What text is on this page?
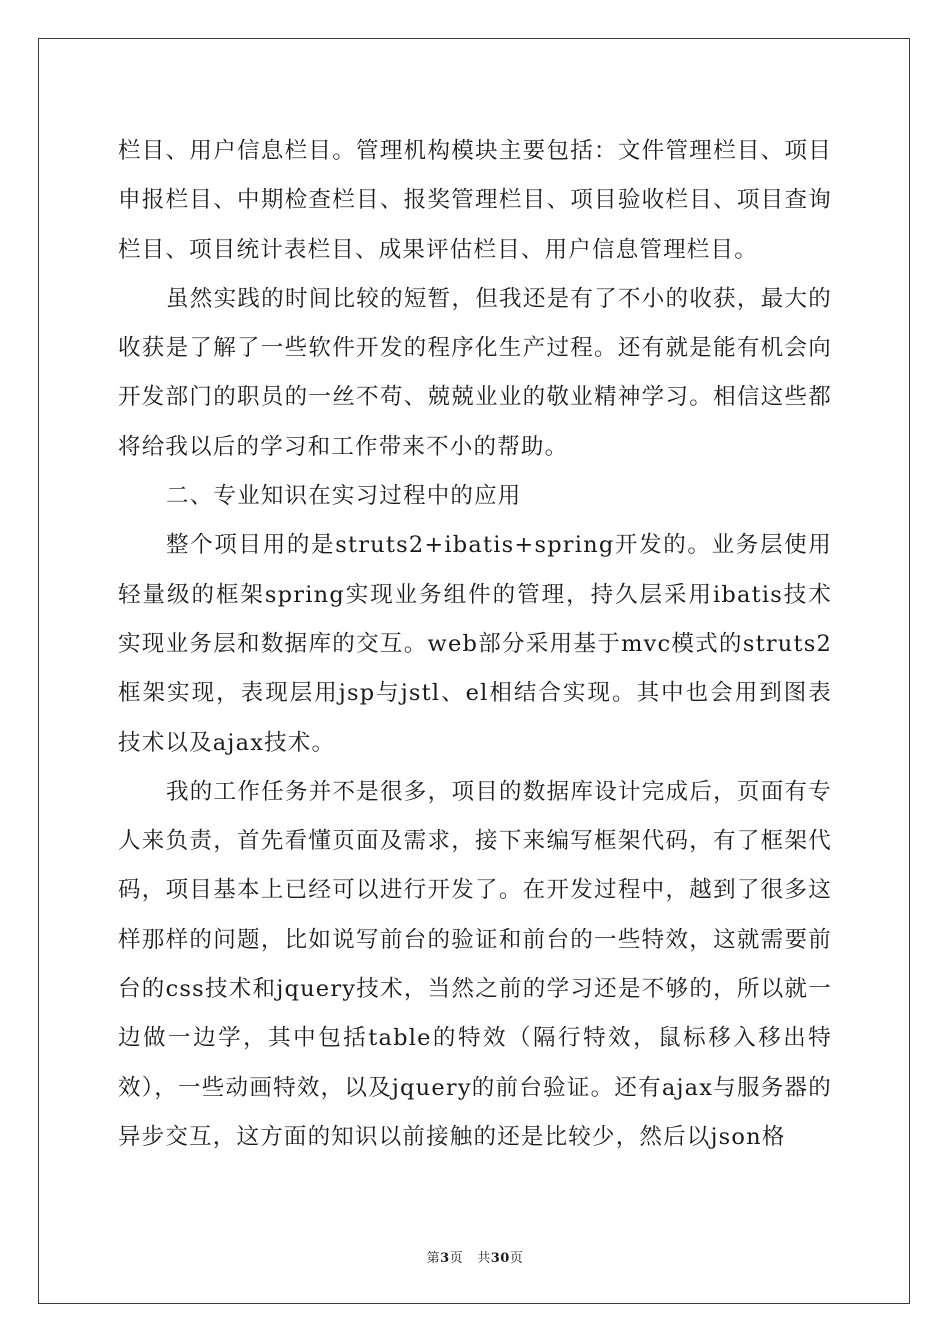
栏目、用户信息栏目。管理机构模块主要包括：文件管理栏目、项目申报栏目、中期检查栏目、报奖管理栏目、项目验收栏目、项目查询栏目、项目统计表栏目、成果评估栏目、用户信息管理栏目。

虽然实践的时间比较的短暂，但我还是有了不小的收获，最大的收获是了解了一些软件开发的程序化生产过程。还有就是能有机会向开发部门的职员的一丝不苟、兢兢业业的敬业精神学习。相信这些都将给我以后的学习和工作带来不小的帮助。

二、专业知识在实习过程中的应用

整个项目用的是struts2+ibatis+spring开发的。业务层使用轻量级的框架spring实现业务组件的管理，持久层采用ibatis技术实现业务层和数据库的交互。web部分采用基于mvc模式的struts2框架实现，表现层用jsp与jstl、el相结合实现。其中也会用到图表技术以及ajax技术。

我的工作任务并不是很多，项目的数据库设计完成后，页面有专人来负责，首先看懂页面及需求，接下来编写框架代码，有了框架代码，项目基本上已经可以进行开发了。在开发过程中，越到了很多这样那样的问题，比如说写前台的验证和前台的一些特效，这就需要前台的css技术和jquery技术，当然之前的学习还是不够的，所以就一边做一边学，其中包括table的特效（隔行特效，鼠标移入移出特效），一些动画特效，以及jquery的前台验证。还有ajax与服务器的异步交互，这方面的知识以前接触的还是比较少，然后以json格

第3页 共30页
